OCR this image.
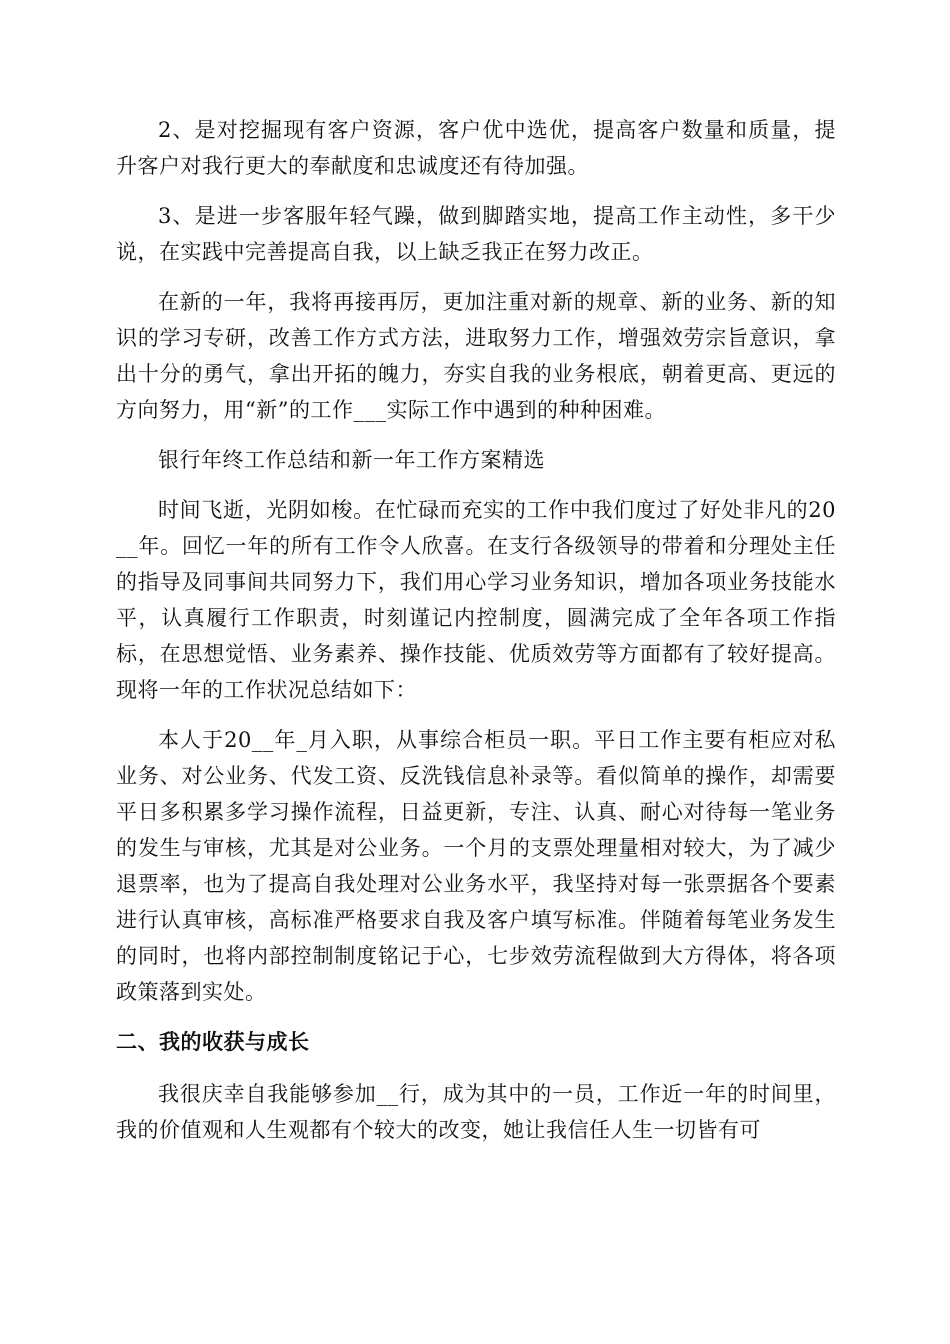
2、是对挖掘现有客户资源，客户优中选优，提高客户数量和质量，提升客户对我行更大的奉献度和忠诚度还有待加强。

3、是进一步客服年轻气躁，做到脚踏实地，提高工作主动性，多干少说，在实践中完善提高自我，以上缺乏我正在努力改正。

在新的一年，我将再接再厉，更加注重对新的规章、新的业务、新的知识的学习专研，改善工作方式方法，进取努力工作，增强效劳宗旨意识，拿出十分的勇气，拿出开拓的魄力，夯实自我的业务根底，朝着更高、更远的方向努力，用“新”的工作___实际工作中遇到的种种困难。

银行年终工作总结和新一年工作方案精选

时间飞逝，光阴如梭。在忙碌而充实的工作中我们度过了好处非凡的20__年。回忆一年的所有工作令人欣喜。在支行各级领导的带着和分理处主任的指导及同事间共同努力下，我们用心学习业务知识，增加各项业务技能水平，认真履行工作职责，时刻谨记内控制度，圆满完成了全年各项工作指标，在思想觉悟、业务素养、操作技能、优质效劳等方面都有了较好提高。现将一年的工作状况总结如下：

本人于20__年_月入职，从事综合柜员一职。平日工作主要有柜应对私业务、对公业务、代发工资、反洗钱信息补录等。看似简单的操作，却需要平日多积累多学习操作流程，日益更新，专注、认真、耐心对待每一笔业务的发生与审核，尤其是对公业务。一个月的支票处理量相对较大，为了减少退票率，也为了提高自我处理对公业务水平，我坚持对每一张票据各个要素进行认真审核，高标准严格要求自我及客户填写标准。伴随着每笔业务发生的同时，也将内部控制制度铭记于心，七步效劳流程做到大方得体，将各项政策落到实处。

二、我的收获与成长

我很庆幸自我能够参加__行，成为其中的一员，工作近一年的时间里，我的价值观和人生观都有个较大的改变，她让我信任人生一切皆有可
